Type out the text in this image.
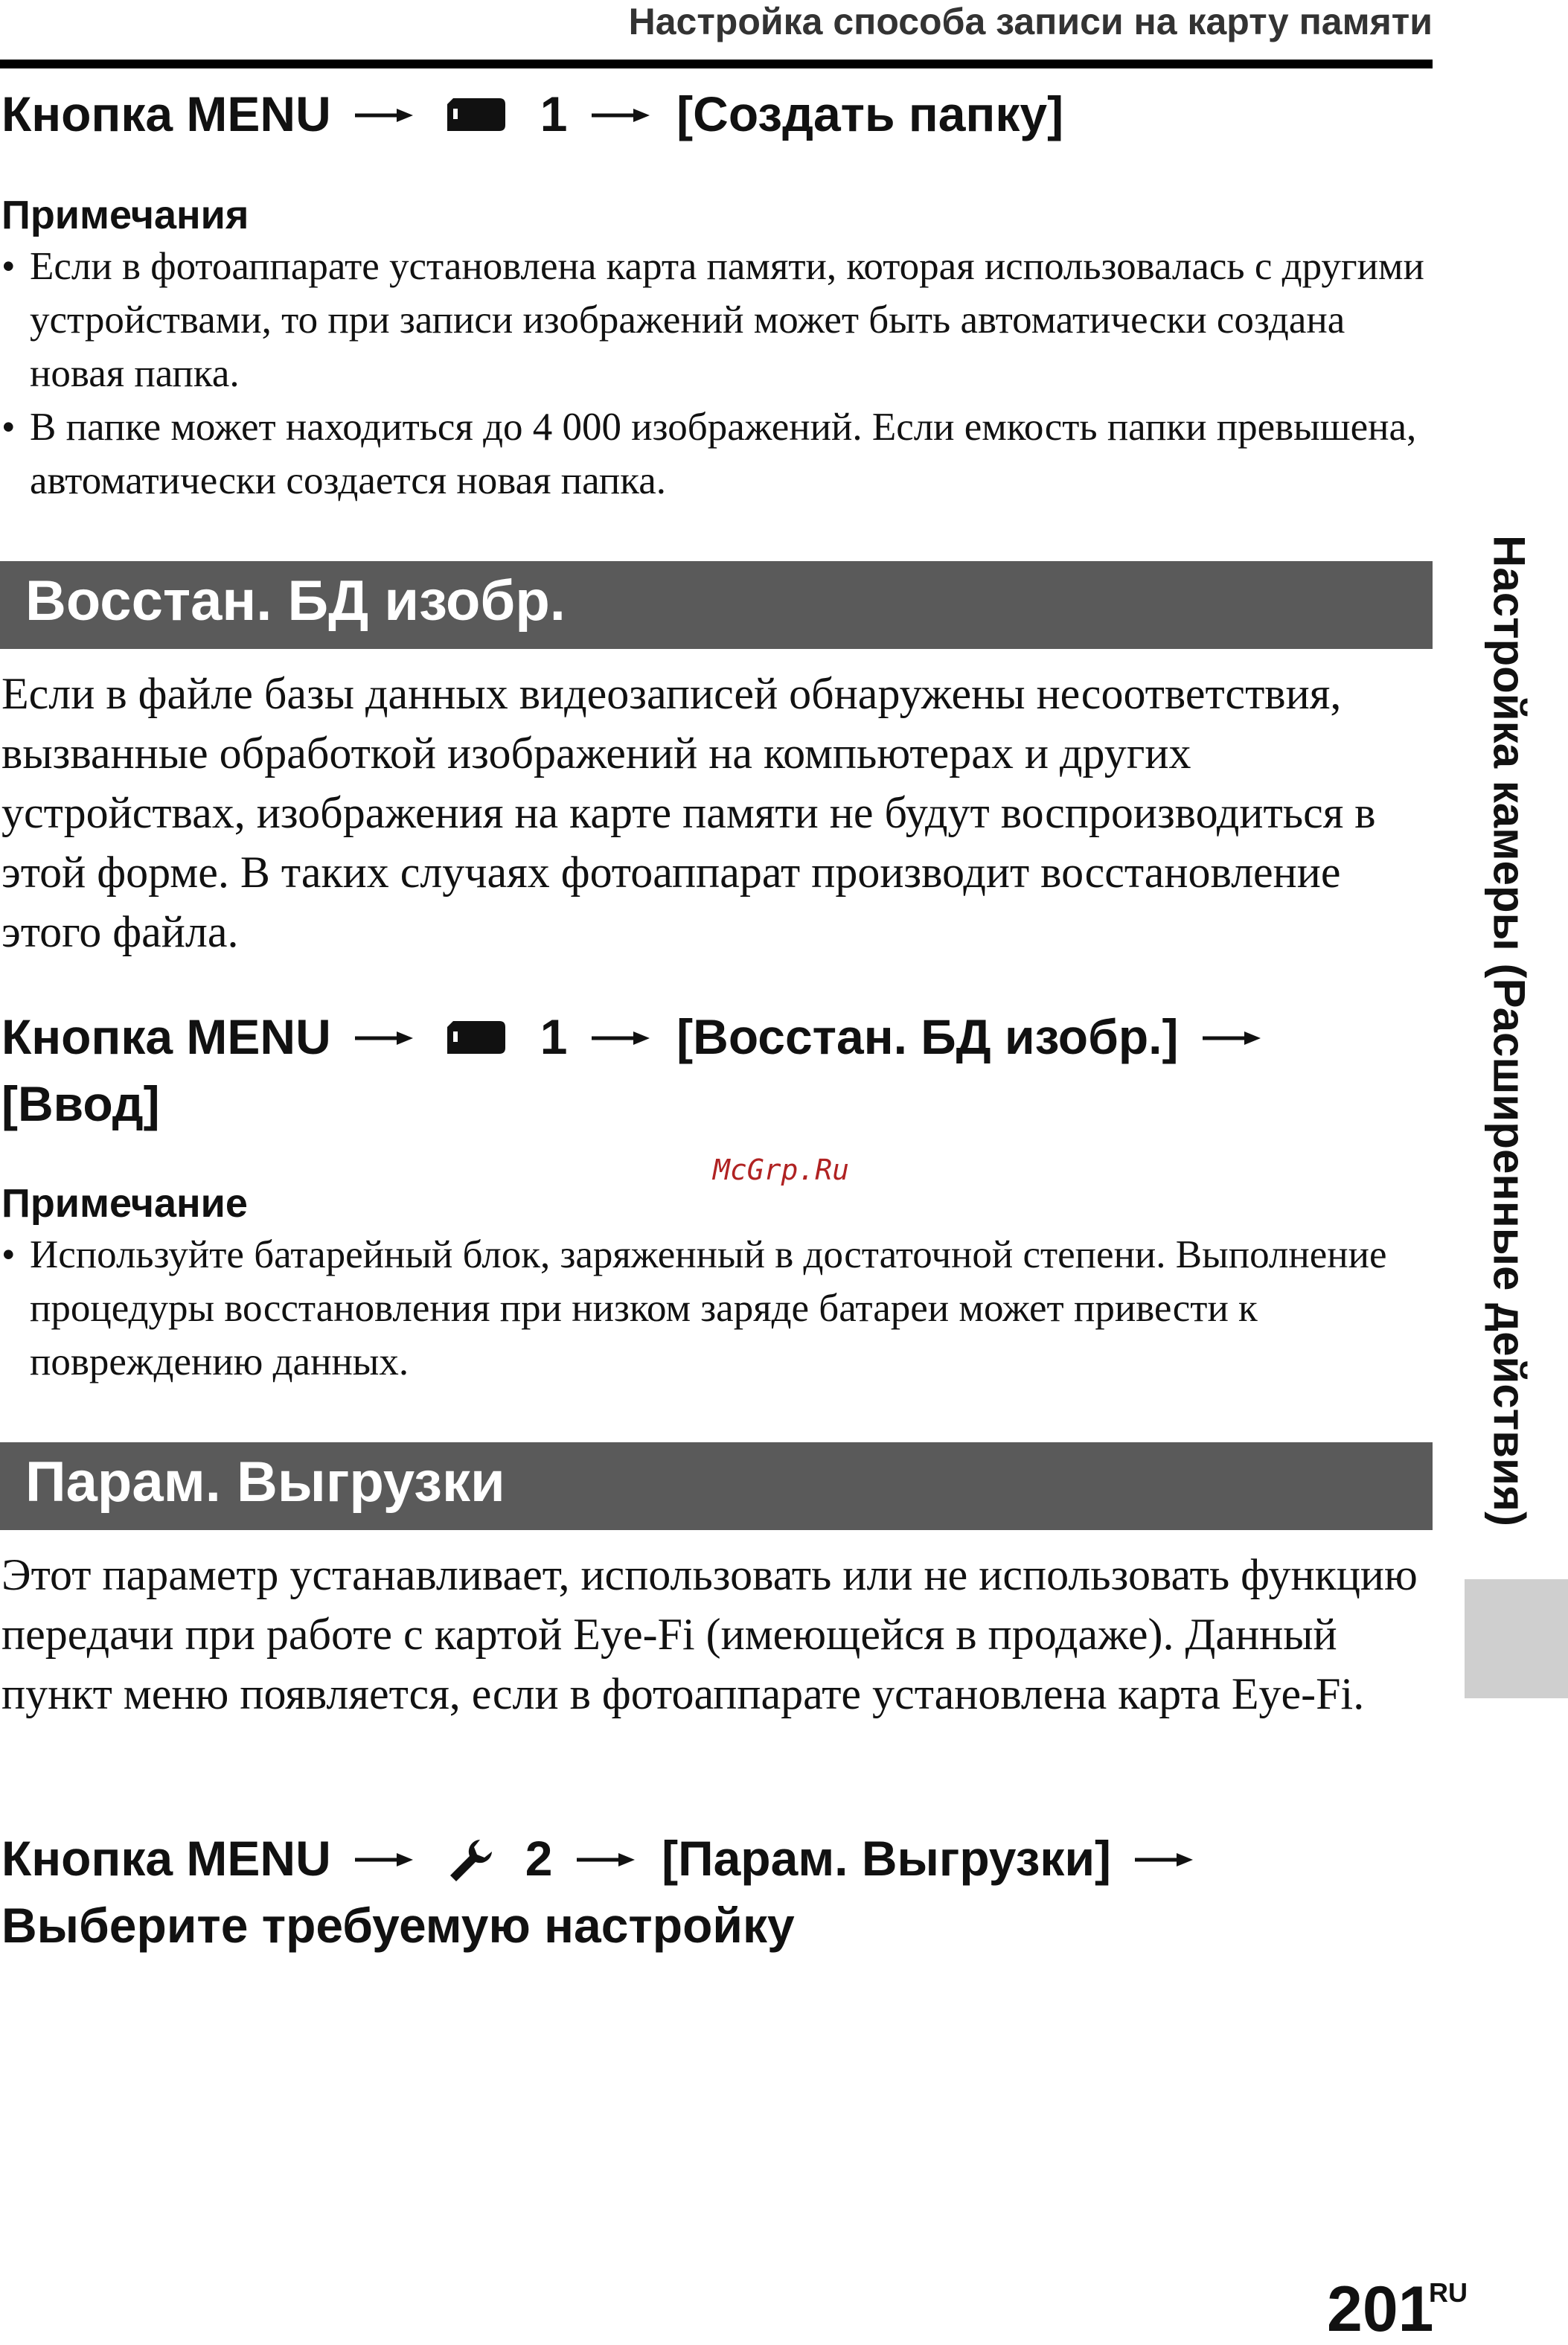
Настройка способа записи на карту памяти
Кнопка MENU	1 [Создать папку]
Примечания
• Если в фотоаппарате установлена карта памяти, которая использовалась с другими устройствами, то при записи изображений может быть автоматически создана новая папка.
• В папке может находиться до 4 000 изображений. Если емкость папки превышена, автоматически создается новая папка.
Восстан. БД изобр.

Если в файле базы данных видеозаписей обнаружены несоответствия, вызванные обработкой изображений на компьютерах и других устройствах, изображения на карте памяти не будут воспроизводиться в этой форме. В таких случаях фотоаппарат производит восстановление этого файла.

Кнопка MENU	1 [Восстан. БД изобр.]
[Ввод]
McGrp.Ru
Примечание
• Используйте батарейный блок, заряженный в достаточной степени. Выполнение процедуры восстановления при низком заряде батареи может привести к повреждению данных.
Парам. Выгрузки

Этот параметр устанавливает, использовать или не использовать функцию передачи при работе с картой Eye-Fi (имеющейся в продаже). Данный пункт меню появляется, если в фотоаппарате установлена карта Eye-Fi.

Кнопка MENU	2 [Парам. Выгрузки]
Выберите требуемую настройку
Настройка камеры (Расширенные действия)
201
RU
